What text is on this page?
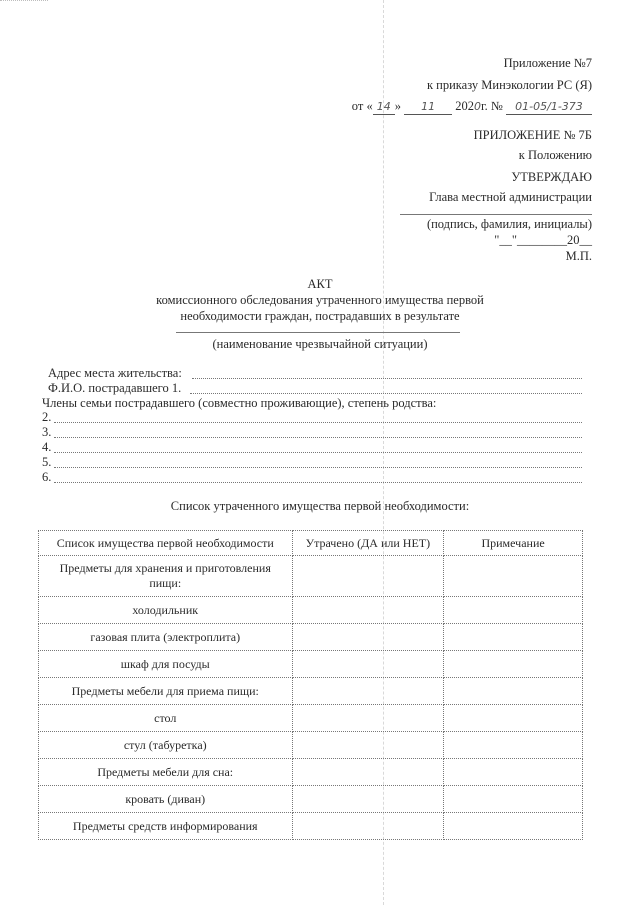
Приложение №7
к приказу Минэкологии РС (Я)
от « 14 » 11 2020г. № 01-05/1-373
ПРИЛОЖЕНИЕ № 7Б
к Положению
УТВЕРЖДАЮ
Глава местной администрации
(подпись, фамилия, инициалы)
"__"________20__
М.П.
АКТ
комиссионного обследования утраченного имущества первой
необходимости граждан, пострадавших в результате
(наименование чрезвычайной ситуации)
Адрес места жительства:
Ф.И.О. пострадавшего 1.
Члены семьи пострадавшего (совместно проживающие), степень родства:
2.
3.
4.
5.
6.
Список утраченного имущества первой необходимости:
Список имущества первой необходимости	Утрачено (ДА или НЕТ)	Примечание
Предметы для хранения и приготовления пищи:		
холодильник		
газовая плита (электроплита)		
шкаф для посуды		
Предметы мебели для приема пищи:		
стол		
стул (табуретка)		
Предметы мебели для сна:		
кровать (диван)		
Предметы средств информирования		
